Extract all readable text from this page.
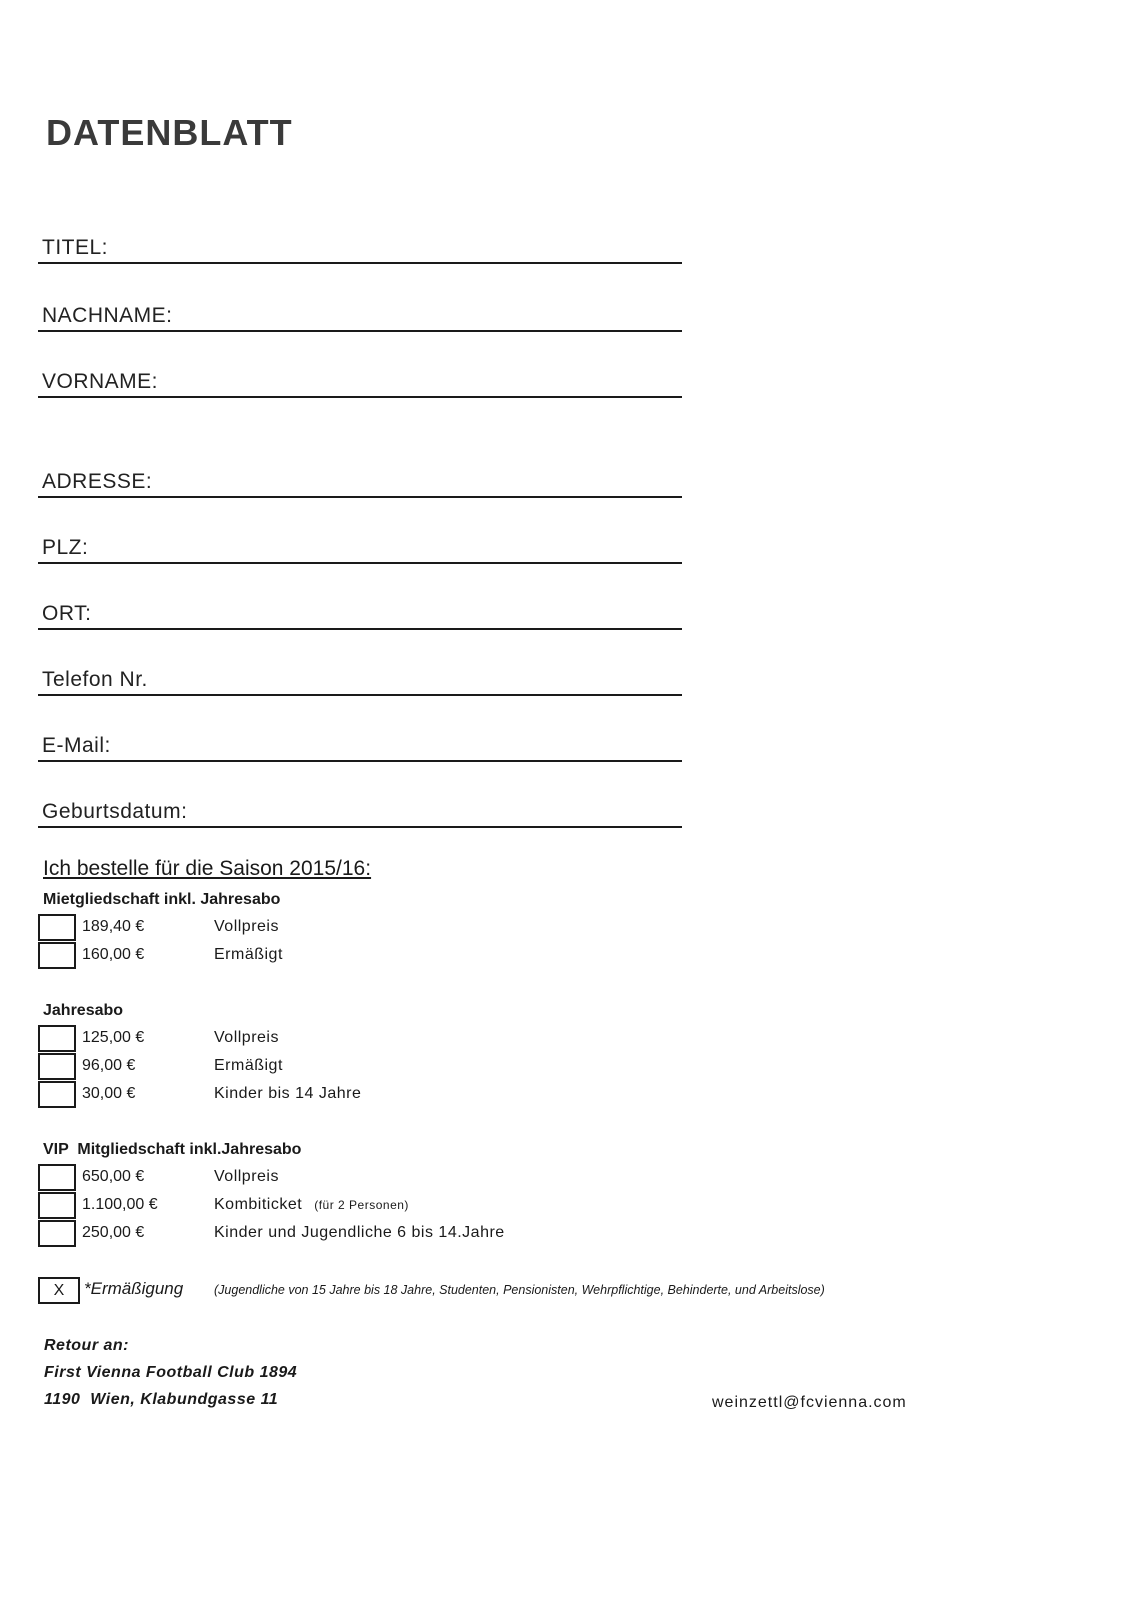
DATENBLATT
TITEL:
NACHNAME:
VORNAME:
ADRESSE:
PLZ:
ORT:
Telefon Nr.
E-Mail:
Geburtsdatum:
Ich bestelle für die Saison 2015/16:
Mietgliedschaft inkl. Jahresabo
189,40 €	Vollpreis
160,00 €	Ermäßigt
Jahresabo
125,00 €	Vollpreis
96,00 €	Ermäßigt
30,00 €	Kinder bis 14 Jahre
VIP  Mitgliedschaft inkl.Jahresabo
650,00 €	Vollpreis
1.100,00 €	Kombiticket (für 2 Personen)
250,00 €	Kinder und Jugendliche 6 bis 14.Jahre
X	*Ermäßigung (Jugendliche von 15 Jahre bis 18 Jahre, Studenten, Pensionisten, Wehrpflichtige, Behinderte, und Arbeitslose)
Retour an:
First Vienna Football Club 1894
1190  Wien, Klabundgasse 11	weinzettl@fcvienna.com
